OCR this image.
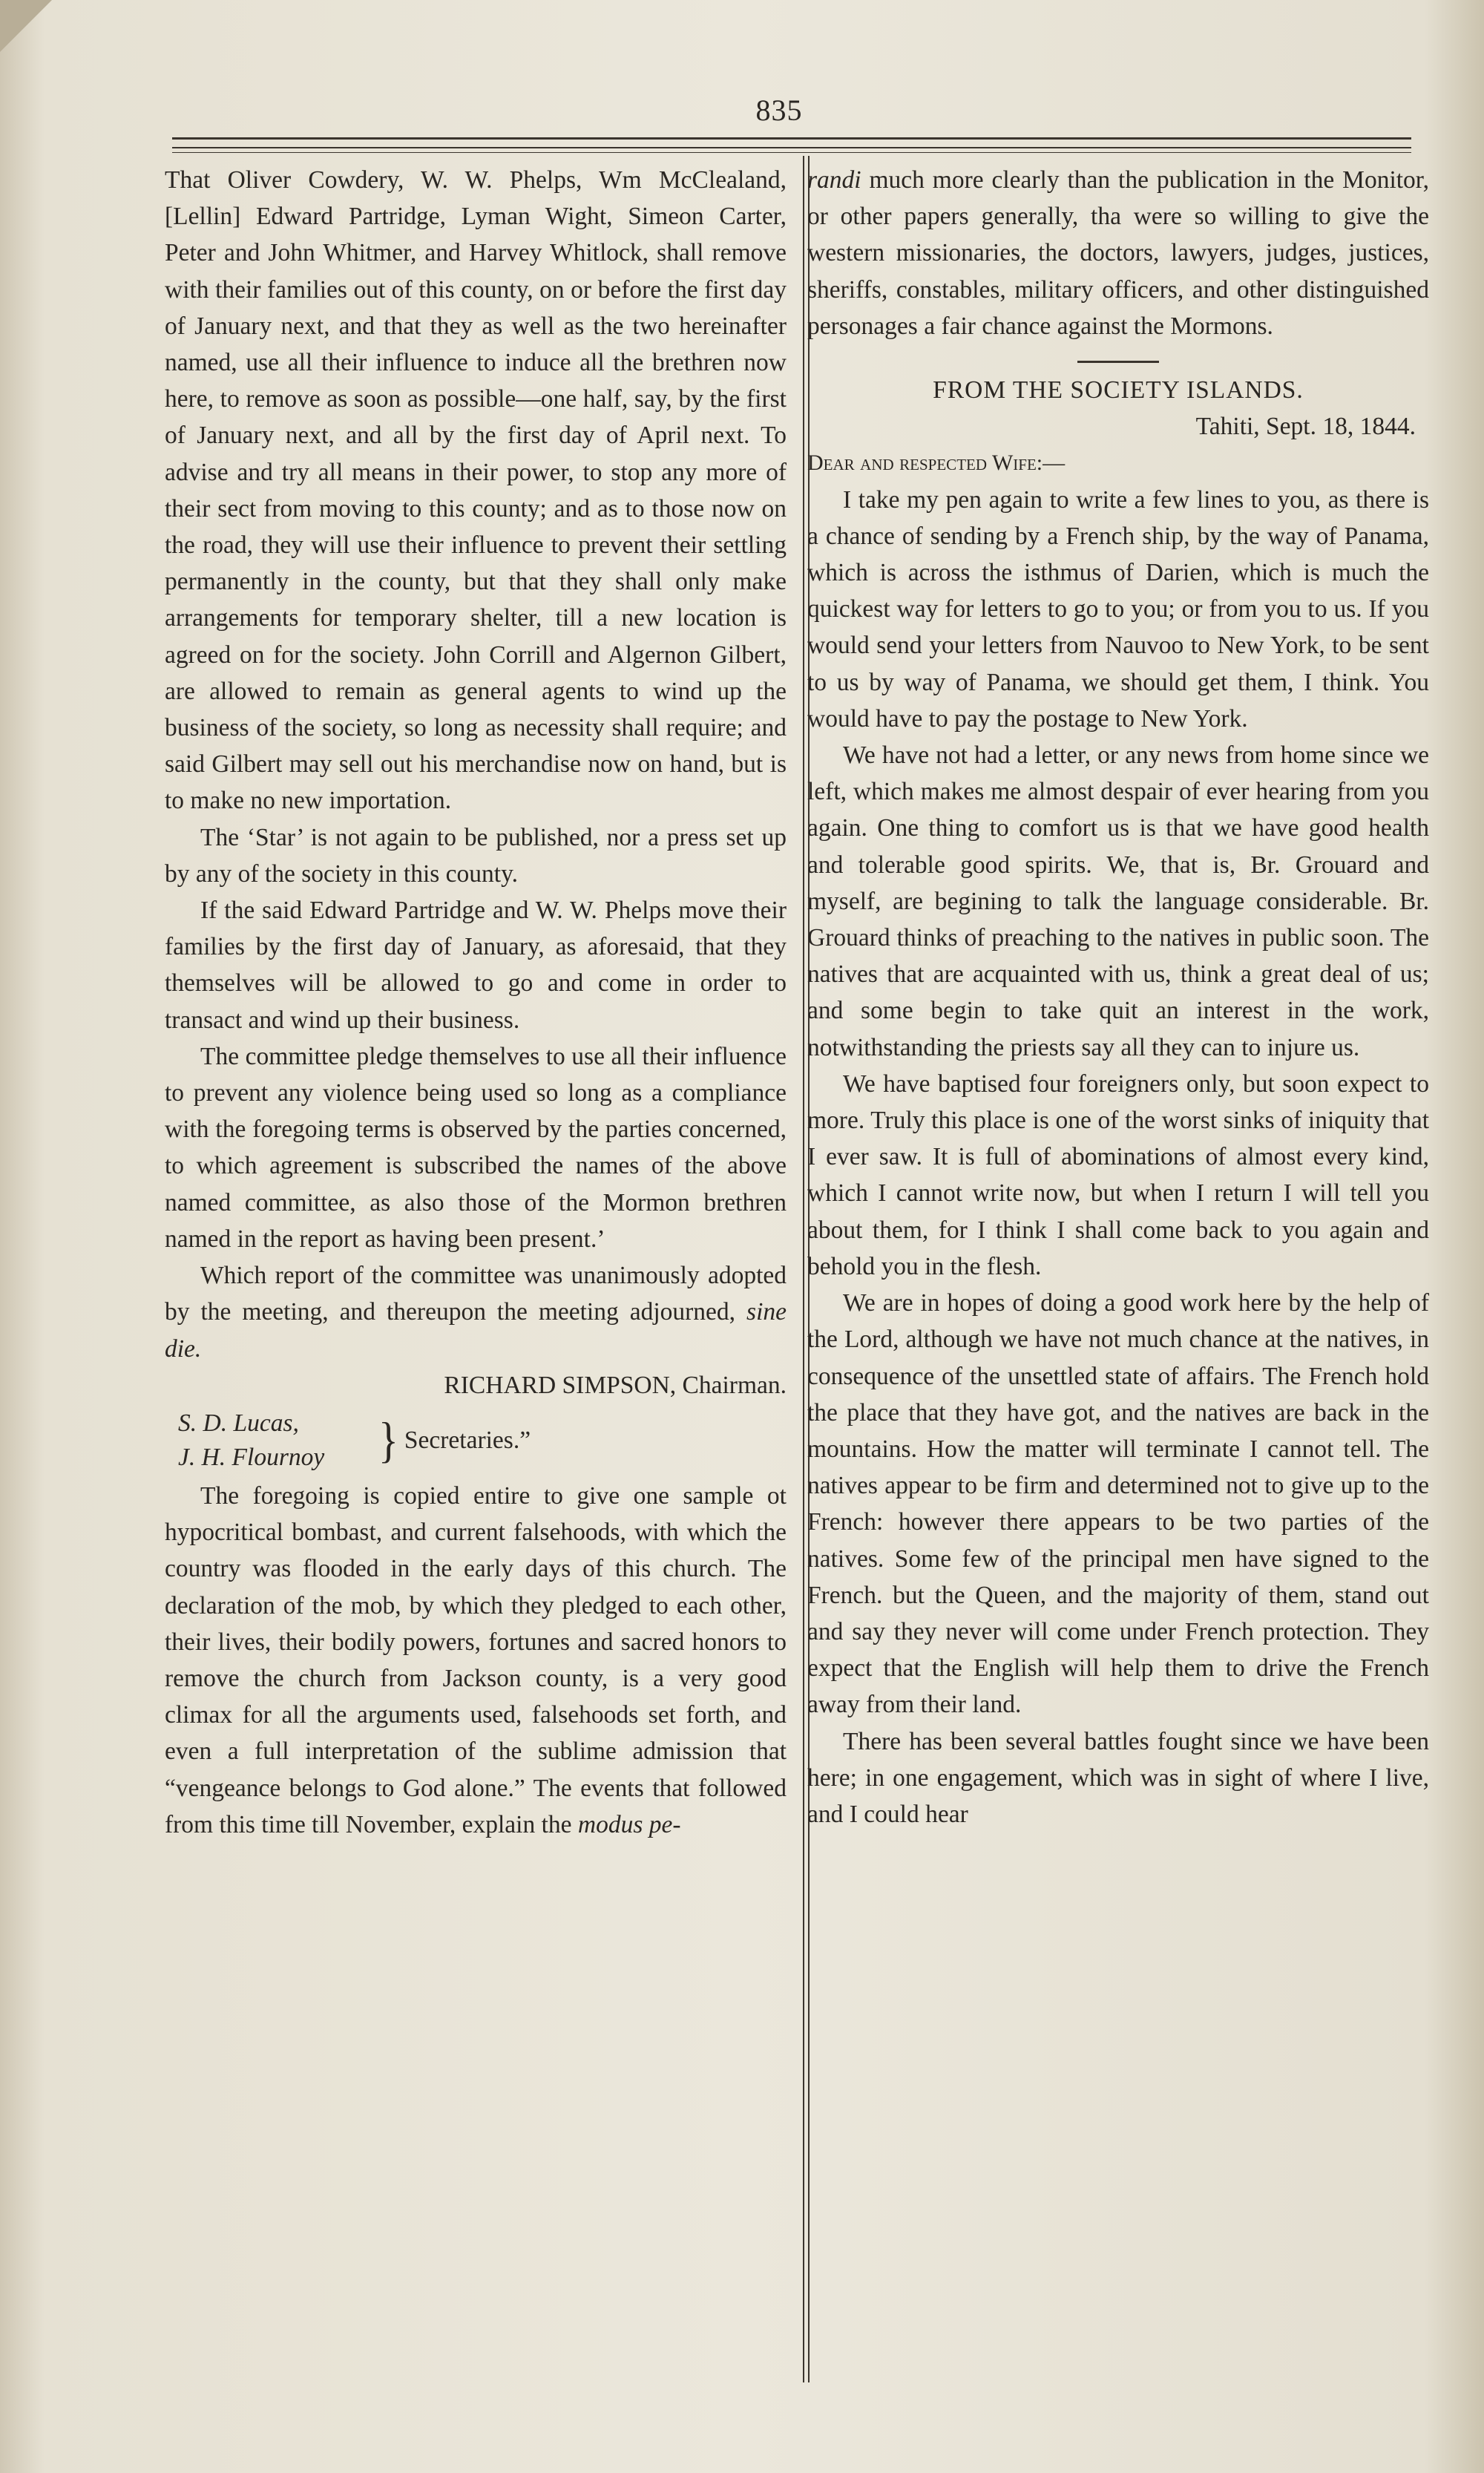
835

That Oliver Cowdery, W. W. Phelps, Wm McClealand, [Lellin] Edward Partridge, Lyman Wight, Simeon Carter, Peter and John Whitmer, and Harvey Whitlock, shall remove with their families out of this county, on or before the first day of January next, and that they as well as the two hereinafter named, use all their influence to induce all the brethren now here, to remove as soon as possible—one half, say, by the first of January next, and all by the first day of April next. To advise and try all means in their power, to stop any more of their sect from moving to this county; and as to those now on the road, they will use their influence to prevent their settling permanently in the county, but that they shall only make arrangements for temporary shelter, till a new location is agreed on for the society. John Corrill and Algernon Gilbert, are allowed to remain as general agents to wind up the business of the society, so long as necessity shall require; and said Gilbert may sell out his merchandise now on hand, but is to make no new importation.

The ‘Star’ is not again to be published, nor a press set up by any of the society in this county.

If the said Edward Partridge and W. W. Phelps move their families by the first day of January, as aforesaid, that they themselves will be allowed to go and come in order to transact and wind up their business.

The committee pledge themselves to use all their influence to prevent any violence being used so long as a compliance with the foregoing terms is observed by the parties concerned, to which agreement is subscribed the names of the above named committee, as also those of the Mormon brethren named in the report as having been present.’

Which report of the committee was unanimously adopted by the meeting, and thereupon the meeting adjourned, sine die.

RICHARD SIMPSON, Chairman.

S. D. Lucas,
J. H. Flournoy	} Secretaries.”

The foregoing is copied entire to give one sample ot hypocritical bombast, and current falsehoods, with which the country was flooded in the early days of this church. The declaration of the mob, by which they pledged to each other, their lives, their bodily powers, fortunes and sacred honors to remove the church from Jackson county, is a very good climax for all the arguments used, falsehoods set forth, and even a full interpretation of the sublime admission that “vengeance belongs to God alone.” The events that followed from this time till November, explain the modus pe-

randi much more clearly than the publication in the Monitor, or other papers generally, tha were so willing to give the western missionaries, the doctors, lawyers, judges, justices, sheriffs, constables, military officers, and other distinguished personages a fair chance against the Mormons.

FROM THE SOCIETY ISLANDS.

Tahiti, Sept. 18, 1844.

Dear and respected Wife:—

I take my pen again to write a few lines to you, as there is a chance of sending by a French ship, by the way of Panama, which is across the isthmus of Darien, which is much the quickest way for letters to go to you; or from you to us. If you would send your letters from Nauvoo to New York, to be sent to us by way of Panama, we should get them, I think. You would have to pay the postage to New York.

We have not had a letter, or any news from home since we left, which makes me almost despair of ever hearing from you again. One thing to comfort us is that we have good health and tolerable good spirits. We, that is, Br. Grouard and myself, are begining to talk the language considerable. Br. Grouard thinks of preaching to the natives in public soon. The natives that are acquainted with us, think a great deal of us; and some begin to take quit an interest in the work, notwithstanding the priests say all they can to injure us.

We have baptised four foreigners only, but soon expect to more. Truly this place is one of the worst sinks of iniquity that I ever saw. It is full of abominations of almost every kind, which I cannot write now, but when I return I will tell you about them, for I think I shall come back to you again and behold you in the flesh.

We are in hopes of doing a good work here by the help of the Lord, although we have not much chance at the natives, in consequence of the unsettled state of affairs. The French hold the place that they have got, and the natives are back in the mountains. How the matter will terminate I cannot tell. The natives appear to be firm and determined not to give up to the French: however there appears to be two parties of the natives. Some few of the principal men have signed to the French. but the Queen, and the majority of them, stand out and say they never will come under French protection. They expect that the English will help them to drive the French away from their land.

There has been several battles fought since we have been here; in one engagement, which was in sight of where I live, and I could hear
